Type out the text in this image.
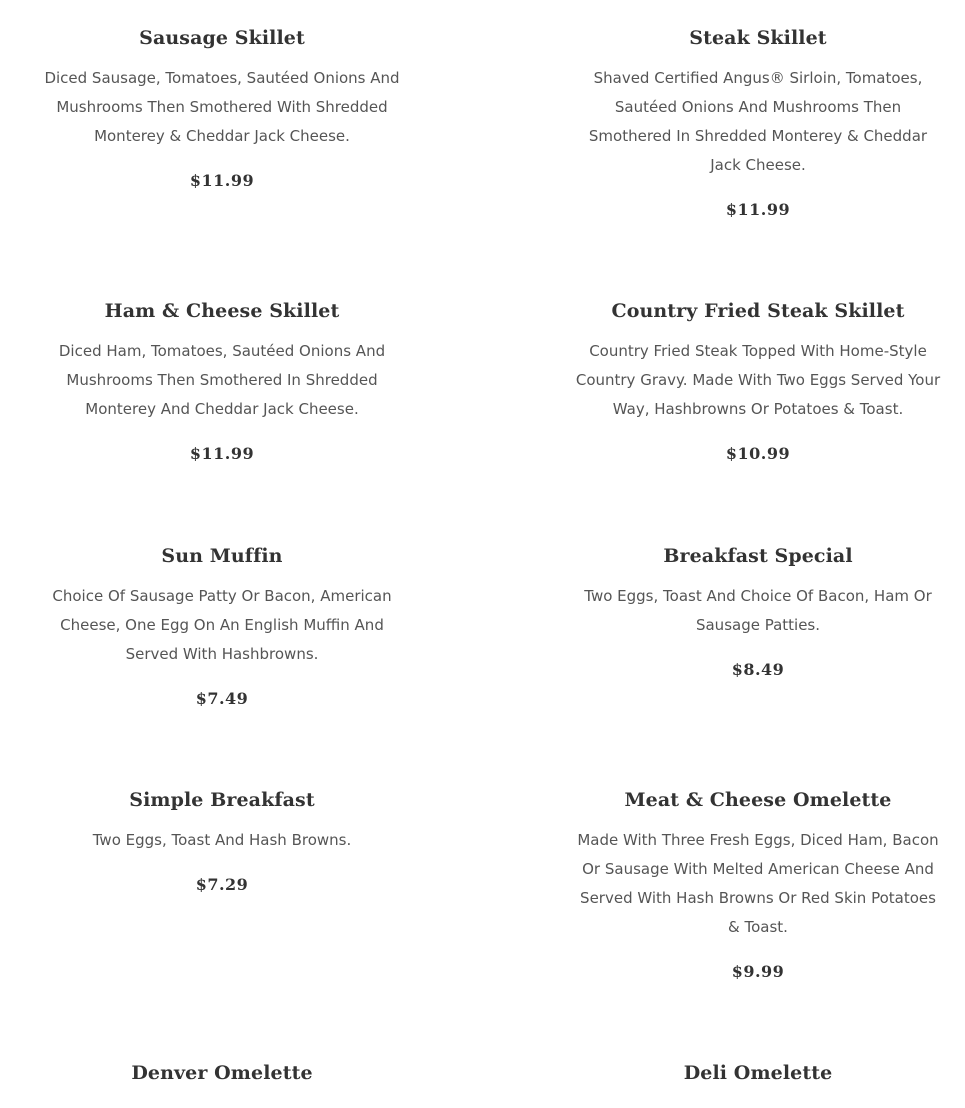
Sausage Skillet
Diced Sausage, Tomatoes, Sautéed Onions And Mushrooms Then Smothered With Shredded Monterey & Cheddar Jack Cheese.
$11.99
Steak Skillet
Shaved Certified Angus® Sirloin, Tomatoes, Sautéed Onions And Mushrooms Then Smothered In Shredded Monterey & Cheddar Jack Cheese.
$11.99
Ham & Cheese Skillet
Diced Ham, Tomatoes, Sautéed Onions And Mushrooms Then Smothered In Shredded Monterey And Cheddar Jack Cheese.
$11.99
Country Fried Steak Skillet
Country Fried Steak Topped With Home-Style Country Gravy. Made With Two Eggs Served Your Way, Hashbrowns Or Potatoes & Toast.
$10.99
Sun Muffin
Choice Of Sausage Patty Or Bacon, American Cheese, One Egg On An English Muffin And Served With Hashbrowns.
$7.49
Breakfast Special
Two Eggs, Toast And Choice Of Bacon, Ham Or Sausage Patties.
$8.49
Simple Breakfast
Two Eggs, Toast And Hash Browns.
$7.29
Meat & Cheese Omelette
Made With Three Fresh Eggs, Diced Ham, Bacon Or Sausage With Melted American Cheese And Served With Hash Browns Or Red Skin Potatoes & Toast.
$9.99
Denver Omelette	Deli Omelette
